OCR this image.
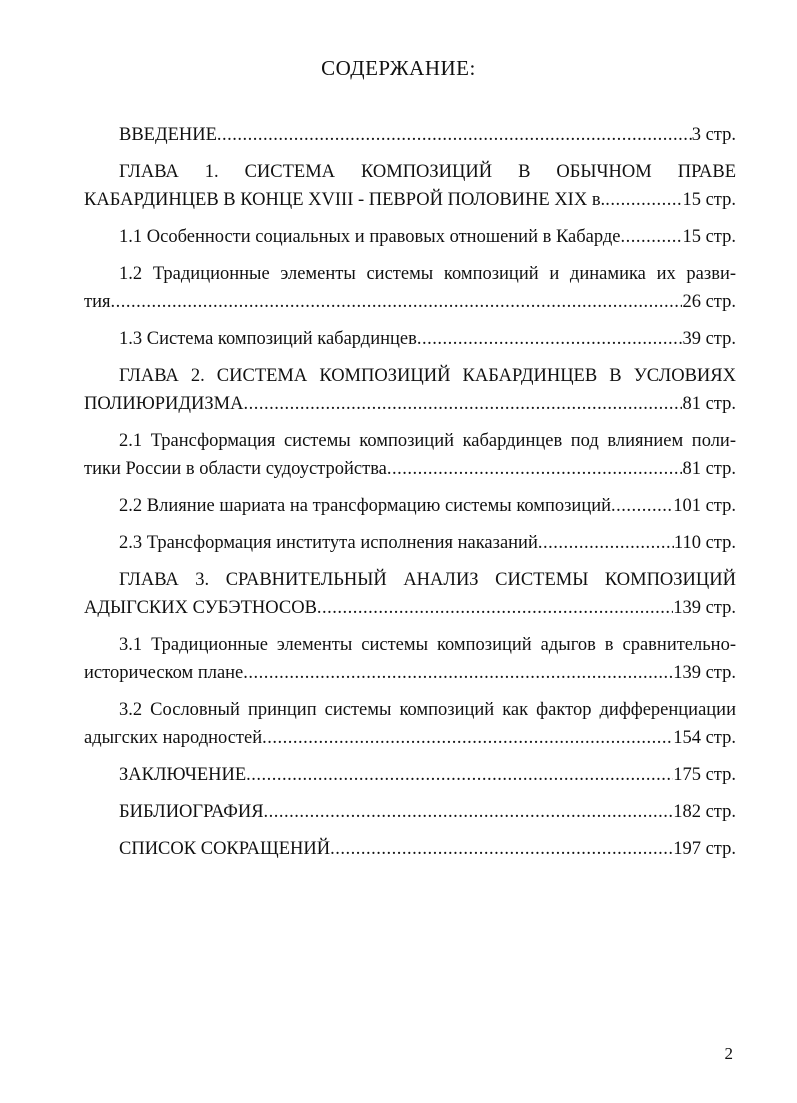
СОДЕРЖАНИЕ:
ВВЕДЕНИЕ .....	3 стр.
ГЛАВА 1. СИСТЕМА КОМПОЗИЦИЙ В ОБЫЧНОМ ПРАВЕ
КАБАРДИНЦЕВ В КОНЦЕ XVIII - ПЕВРОЙ ПОЛОВИНЕ XIX в. .....	15 стр.
1.1 Особенности социальных и правовых отношений в Кабарде .....	15 стр.
1.2 Традиционные элементы системы композиций и динамика их разви-
тия .....	26 стр.
1.3 Система композиций кабардинцев .....	39 стр.
ГЛАВА 2. СИСТЕМА КОМПОЗИЦИЙ КАБАРДИНЦЕВ В УСЛОВИЯХ
ПОЛИЮРИДИЗМА .....	81 стр.
2.1 Трансформация системы композиций кабардинцев под влиянием поли-
тики России в области судоустройства .....	81 стр.
2.2 Влияние шариата на трансформацию системы композиций .....	101 стр.
2.3 Трансформация института исполнения наказаний .....	110 стр.
ГЛАВА 3. СРАВНИТЕЛЬНЫЙ АНАЛИЗ СИСТЕМЫ КОМПОЗИЦИЙ
АДЫГСКИХ СУБЭТНОСОВ .....	139 стр.
3.1 Традиционные элементы системы композиций адыгов в сравнительно-
историческом плане .....	139 стр.
3.2 Сословный принцип системы композиций как фактор дифференциации
адыгских народностей .....	154 стр.
ЗАКЛЮЧЕНИЕ .....	175 стр.
БИБЛИОГРАФИЯ .....	182 стр.
СПИСОК СОКРАЩЕНИЙ .....	197 стр.
2
